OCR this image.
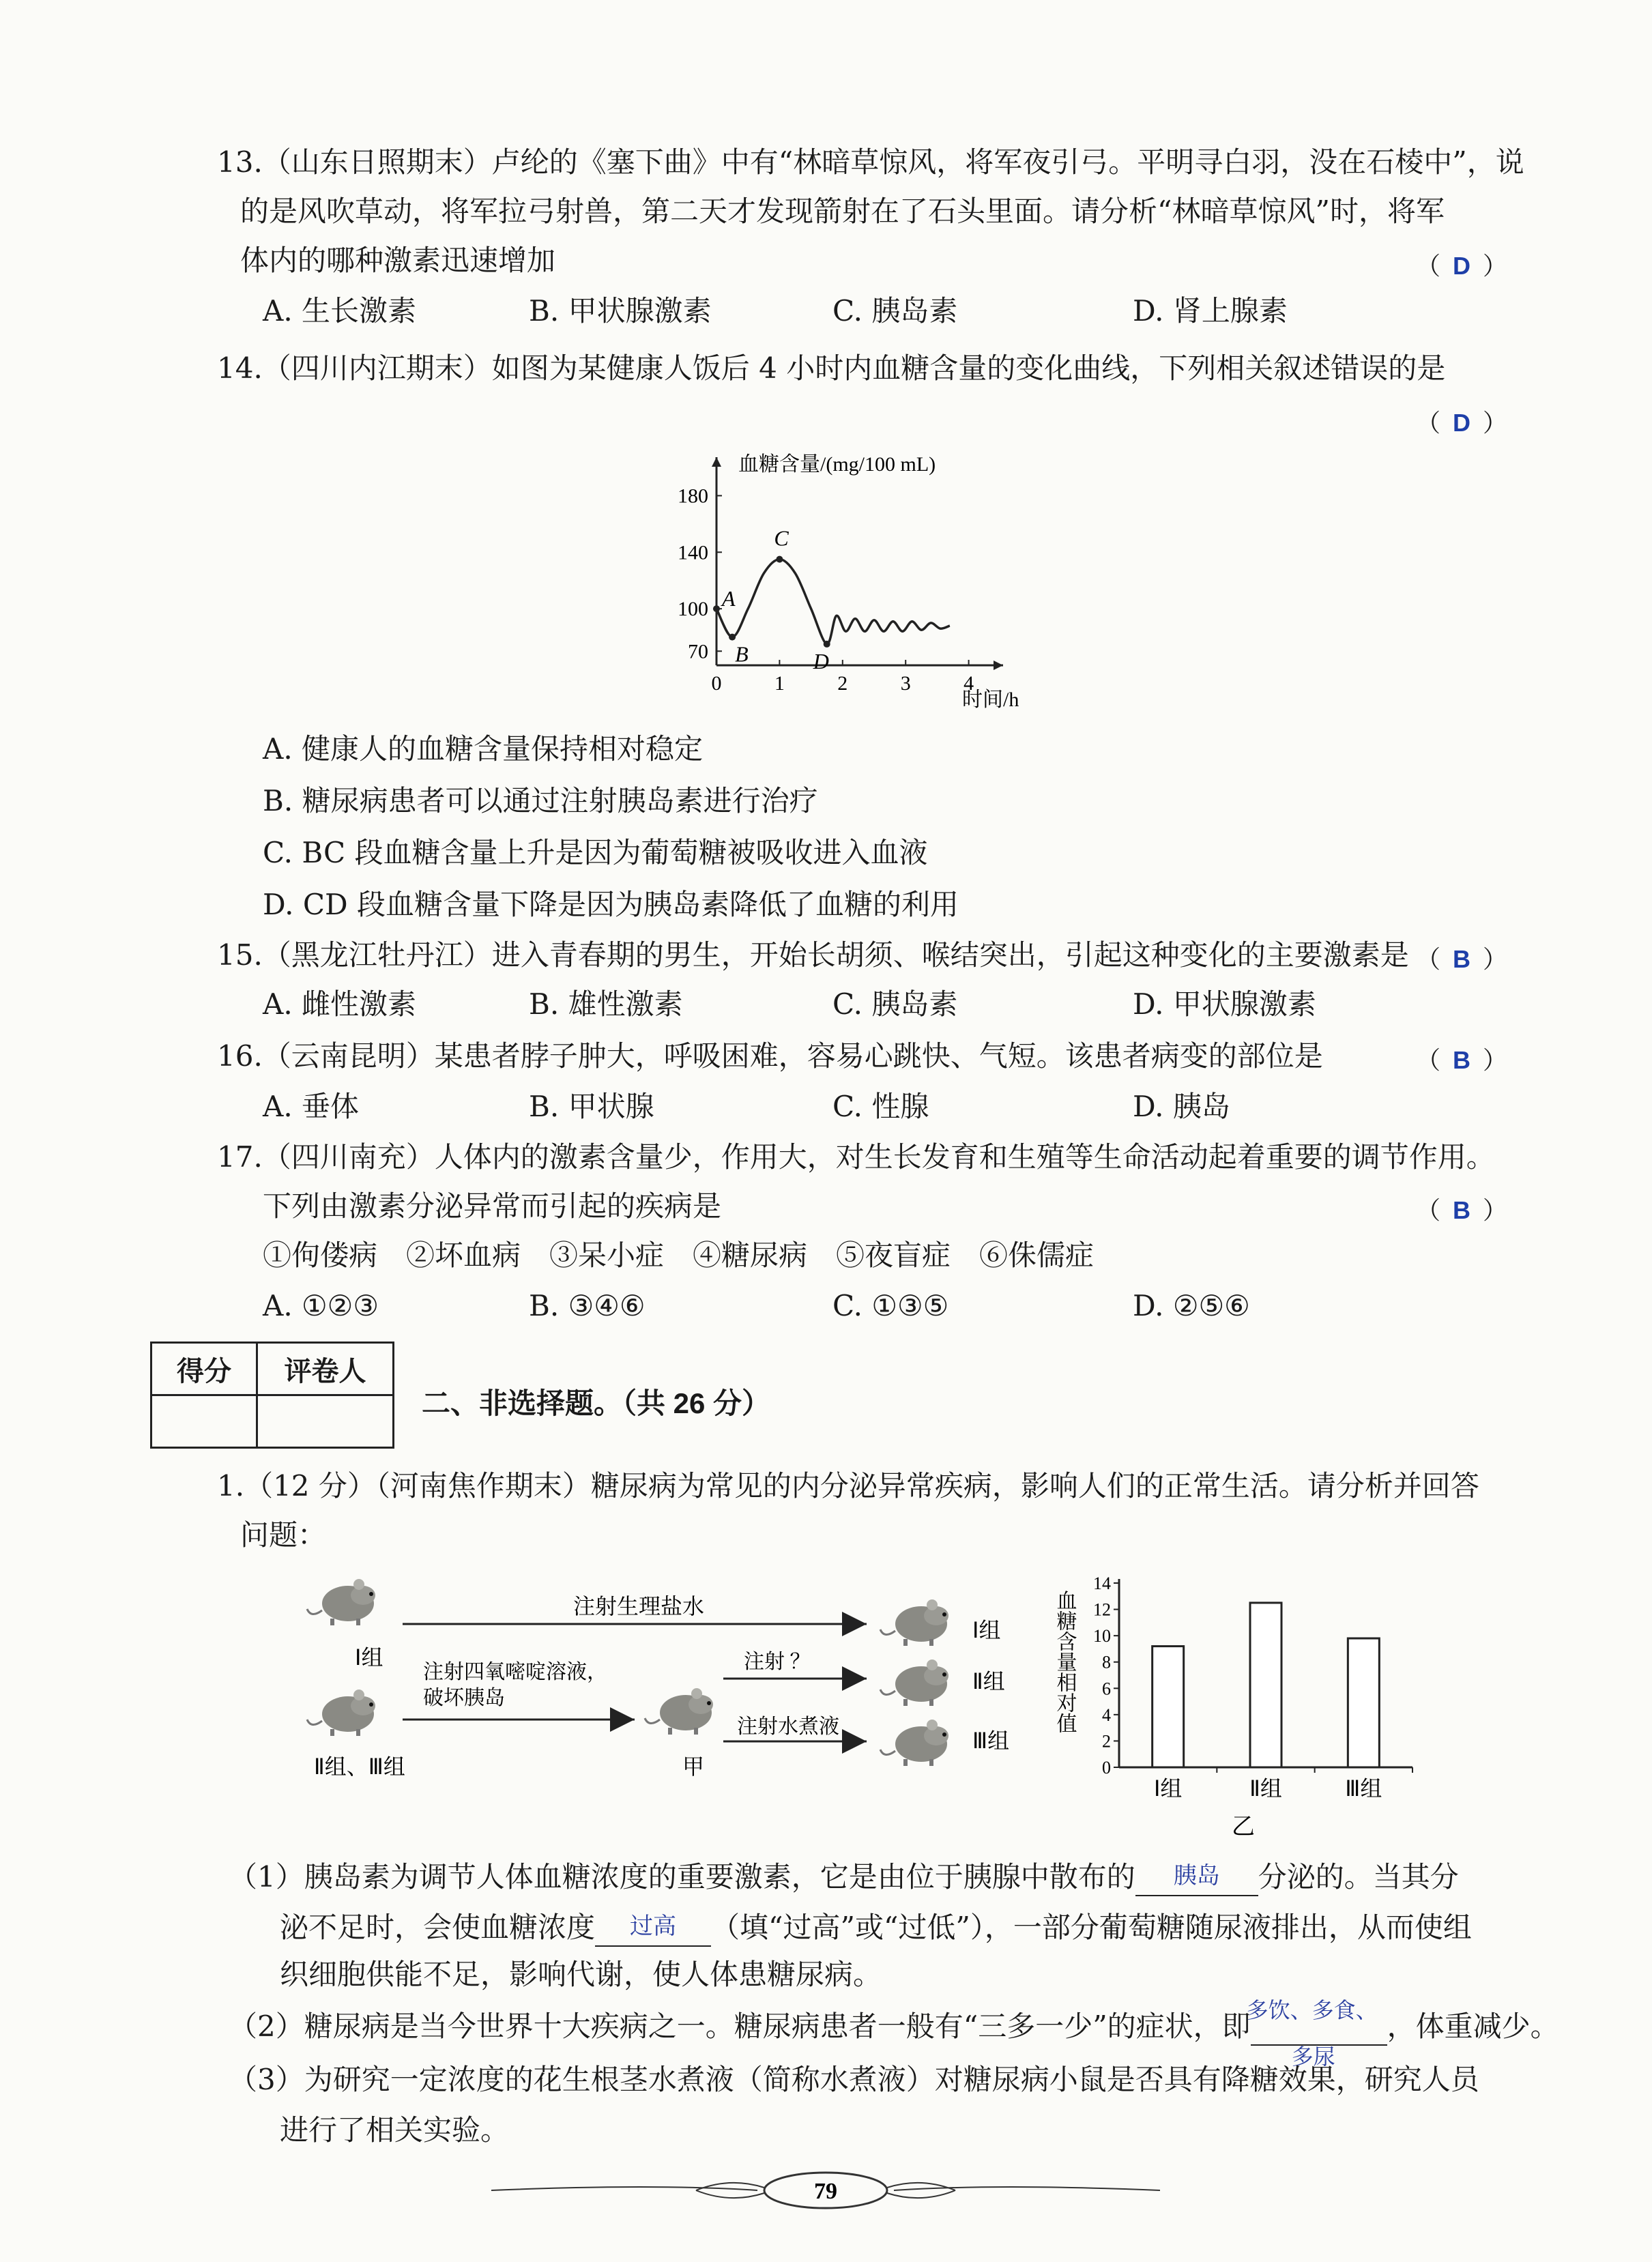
13.（山东日照期末）卢纶的《塞下曲》中有“林暗草惊风，将军夜引弓。平明寻白羽，没在石棱中”，说
的是风吹草动，将军拉弓射兽，第二天才发现箭射在了石头里面。请分析“林暗草惊风”时，将军
体内的哪种激素迅速增加	（ D ）
A. 生长激素	B. 甲状腺激素	C. 胰岛素	D. 肾上腺素
14.（四川内江期末）如图为某健康人饭后 4 小时内血糖含量的变化曲线，下列相关叙述错误的是
（ D ）
血糖含量/(mg/100 mL)
时间/h
70
100
140
180
0	1	2	3	4
A
B
C
D
A. 健康人的血糖含量保持相对稳定
B. 糖尿病患者可以通过注射胰岛素进行治疗
C. BC 段血糖含量上升是因为葡萄糖被吸收进入血液
D. CD 段血糖含量下降是因为胰岛素降低了血糖的利用
15.（黑龙江牡丹江）进入青春期的男生，开始长胡须、喉结突出，引起这种变化的主要激素是 （ B ）
A. 雌性激素	B. 雄性激素	C. 胰岛素	D. 甲状腺激素
16.（云南昆明）某患者脖子肿大，呼吸困难，容易心跳快、气短。该患者病变的部位是	（ B ）
A. 垂体	B. 甲状腺	C. 性腺	D. 胰岛
17.（四川南充）人体内的激素含量少，作用大，对生长发育和生殖等生命活动起着重要的调节作用。
下列由激素分泌异常而引起的疾病是	（ B ）
①佝偻病　②坏血病　③呆小症　④糖尿病　⑤夜盲症　⑥侏儒症
A. ①②③	B. ③④⑥	C. ①③⑤	D. ②⑤⑥
得分	评卷人

二、非选择题。（共 26 分）
1.（12 分）（河南焦作期末）糖尿病为常见的内分泌异常疾病，影响人们的正常生活。请分析并回答
问题：
Ⅰ组
Ⅱ组、Ⅲ组
注射生理盐水
注射四氧嘧啶溶液，
破坏胰岛
甲
注射 ？
注射水煮液
Ⅰ组
Ⅱ组
Ⅲ组
血糖含量相对值
0
2
4
6
8
10
12
14
Ⅰ组	Ⅱ组	Ⅲ组
乙
（1）胰岛素为调节人体血糖浓度的重要激素，它是由位于胰腺中散布的 胰岛 分泌的。当其分
泌不足时，会使血糖浓度 过高 （填“过高”或“过低”），一部分葡萄糖随尿液排出，从而使组
织细胞供能不足，影响代谢，使人体患糖尿病。
（2）糖尿病是当今世界十大疾病之一。糖尿病患者一般有“三多一少”的症状，即
多饮、多食、

多尿
，体重减少。
（3）为研究一定浓度的花生根茎水煮液（简称水煮液）对糖尿病小鼠是否具有降糖效果，研究人员
进行了相关实验。
79
